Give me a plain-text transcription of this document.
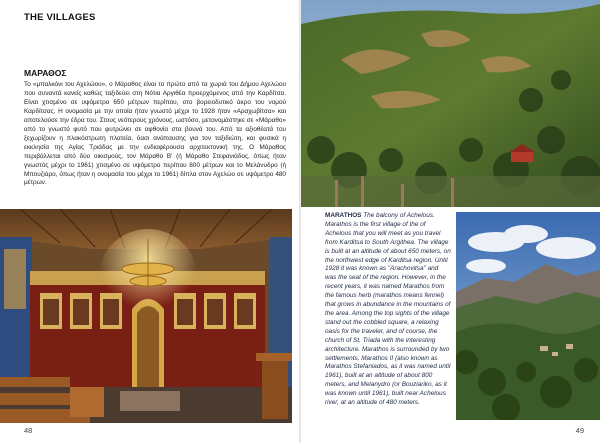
THE VILLAGES
ΜΑΡΑΘΟΣ

Το «μπαλκόνι του Αχελώου», ο Μάραθος είναι το πρώτο από τα χωριά του Δήμου Αχελώου που συναντά κανείς καθώς ταξιδεύει στη Νότια Αργιθέα προερχόμενος από την Καρδίτσα. Είναι χτισμένο σε υψόμετρο 650 μέτρων περίπου, στο βορειοδυτικό άκρο του νομού Καρδίτσας. Η ονομασία με την οποία ήταν γνωστό μέχρι το 1928 ήταν «Αραχωβίτσα» και αποτελούσε την έδρα του. Στους νεότερους χρόνους, ωστόσο, μετονομάστηκε σε «Μάραθο» από το γνωστό φυτό που φυτρώνει σε αφθονία στα βουνά του. Από τα αξιοθέατά του ξεχωρίζουν η πλακόστρωτη πλατεία, όασι ανάπαυσης για τον ταξιδιώτη, και φυσικά η εκκλησία της Αγίας Τριάδας με την ενδιαφέρουσα αρχιτεκτονική της. Ο Μάραθος περιβάλλεται από δύο οικισμούς, τον Μάραθο Β' (ή Μάραθο Στεφανιάδος, όπως ήταν γνωστός μέχρι το 1961) χτισμένο σε υψόμετρο περίπου 800 μέτρων και το Μελάνυδρο (ή Μπουζιάρο, όπως ήταν η ονομασία του μέχρι το 1961) δίπλα στον Αχελώο σε υψόμετρο 480 μέτρων.

48

MARATHOS The balcony of Achelous. Marathos is the first village of the of Achelous that you will meet as you travel from Karditsa to South Argithea. The village is built at an altitude of about 650 meters, on the northwest edge of Karditsa region. Until 1928 it was known as "Arachovitsa" and was the seat of the region. However, in the recent years, it was named Marathos from the famous herb (marathos means fennel) that grows in abundance in the mountains of the area. Among the top sights of the village stand out the cobbled square, a relaxing oasis for the traveler, and of course, the church of St. Triada with the interesting architecture. Marathos is surrounded by two settlements, Marathos II (also known as Marathos Stefaniados, as it was named until 1961), built at an altitude of about 800 meters, and Melanydro (or Bouziariko, as it was known until 1961), built near Achelous river, at an altitude of 480 meters.

49
